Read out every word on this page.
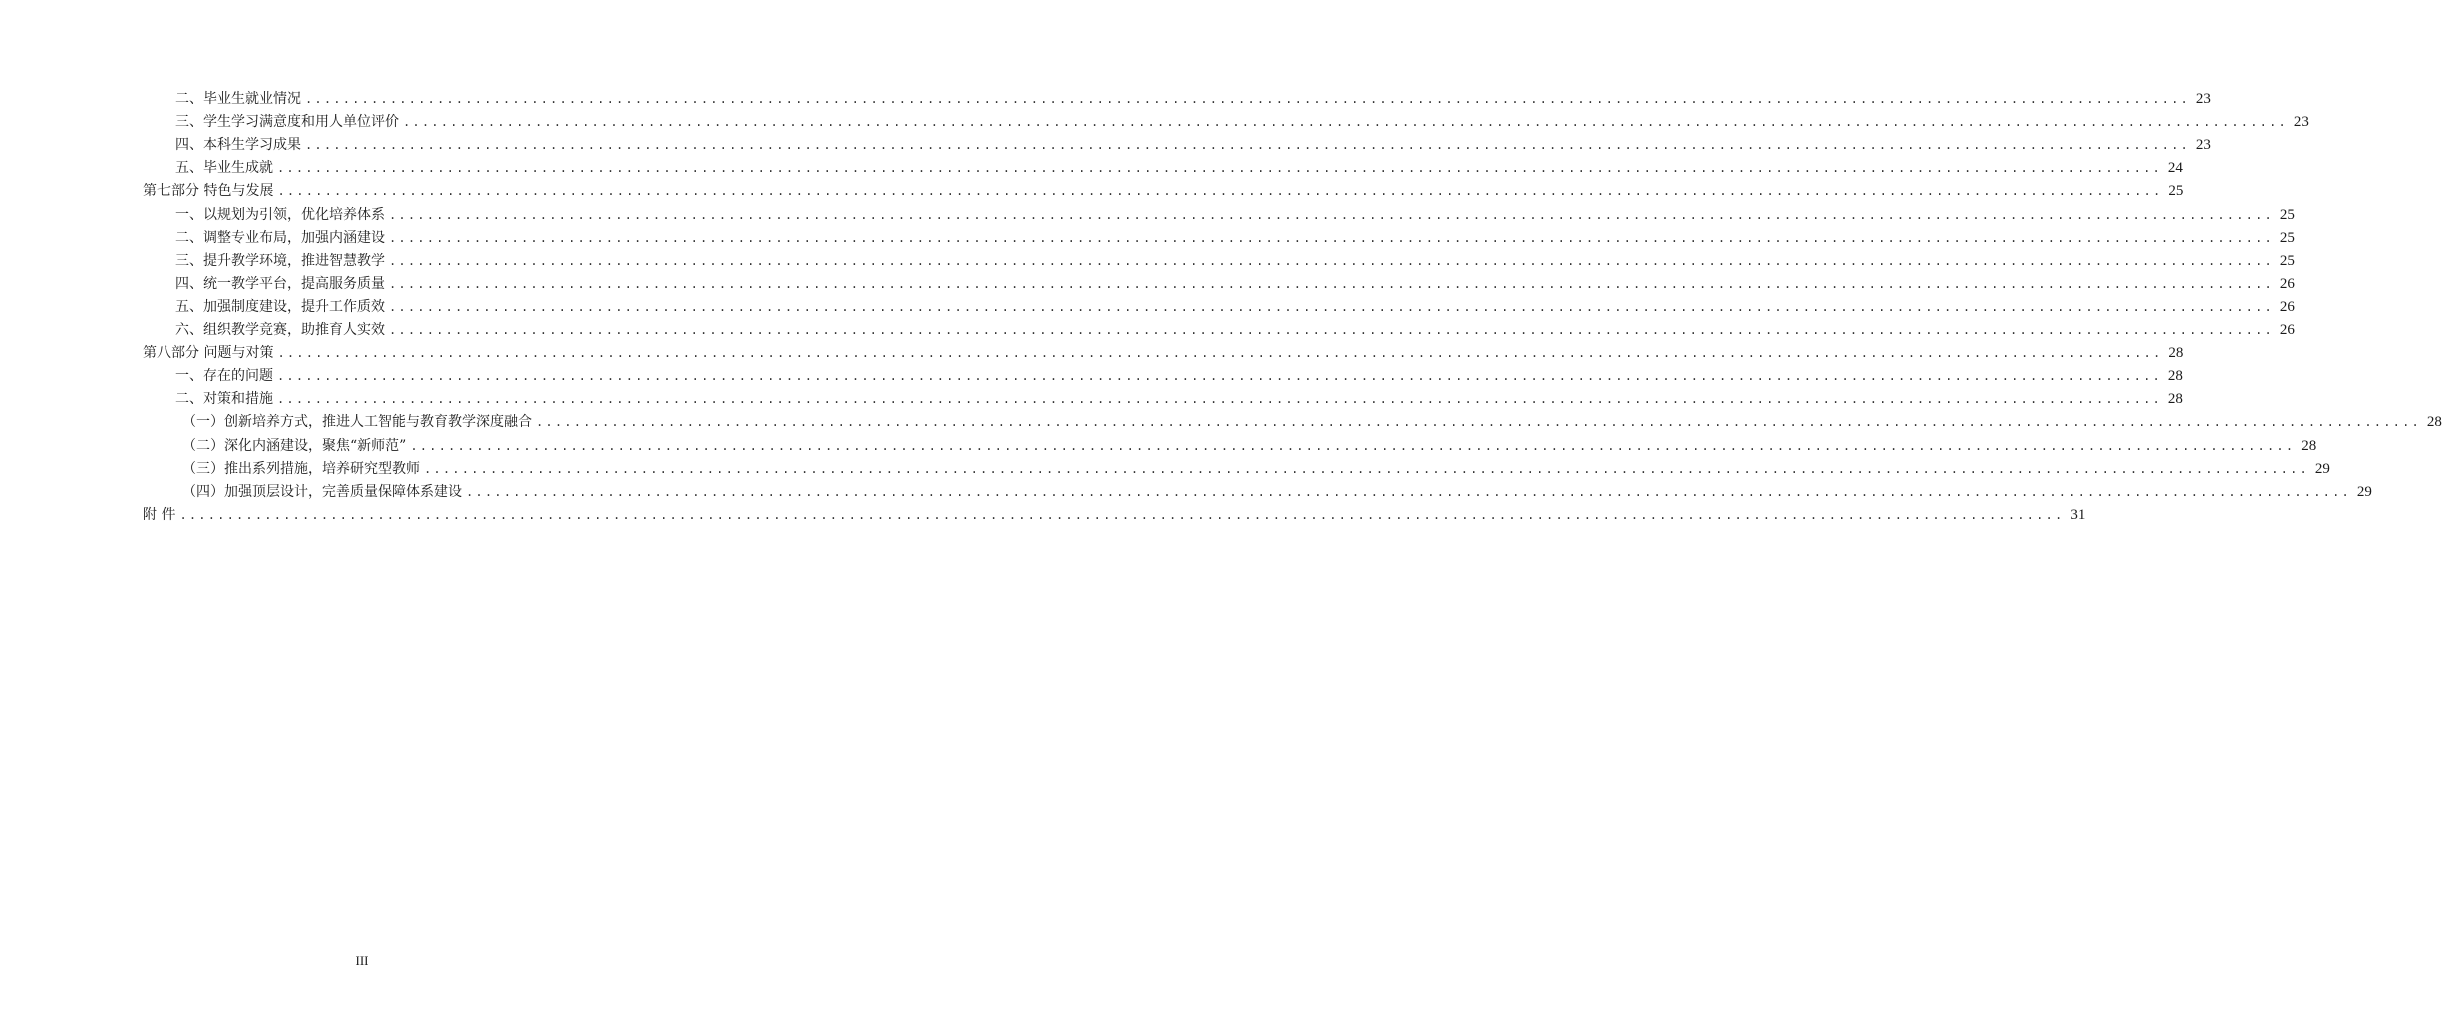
二、毕业生就业情况 ........................................................................................................................................................................................................ 23
三、学生学习满意度和用人单位评价 ........................................................................................................................................................................................................ 23
四、本科生学习成果 ........................................................................................................................................................................................................ 23
五、毕业生成就 ........................................................................................................................................................................................................ 24
第七部分 特色与发展 ........................................................................................................................................................................................................ 25
一、以规划为引领，优化培养体系 ........................................................................................................................................................................................................ 25
二、调整专业布局，加强内涵建设 ........................................................................................................................................................................................................ 25
三、提升教学环境，推进智慧教学 ........................................................................................................................................................................................................ 25
四、统一教学平台，提高服务质量 ........................................................................................................................................................................................................ 26
五、加强制度建设，提升工作质效 ........................................................................................................................................................................................................ 26
六、组织教学竞赛，助推育人实效 ........................................................................................................................................................................................................ 26
第八部分 问题与对策 ........................................................................................................................................................................................................ 28
一、存在的问题 ........................................................................................................................................................................................................ 28
二、对策和措施 ........................................................................................................................................................................................................ 28
（一）创新培养方式，推进人工智能与教育教学深度融合 ........................................................................................................................................................................................................ 28
（二）深化内涵建设，聚焦“新师范” ........................................................................................................................................................................................................ 28
（三）推出系列措施，培养研究型教师 ........................................................................................................................................................................................................ 29
（四）加强顶层设计，完善质量保障体系建设 ........................................................................................................................................................................................................ 29
附 件 ........................................................................................................................................................................................................ 31
III
